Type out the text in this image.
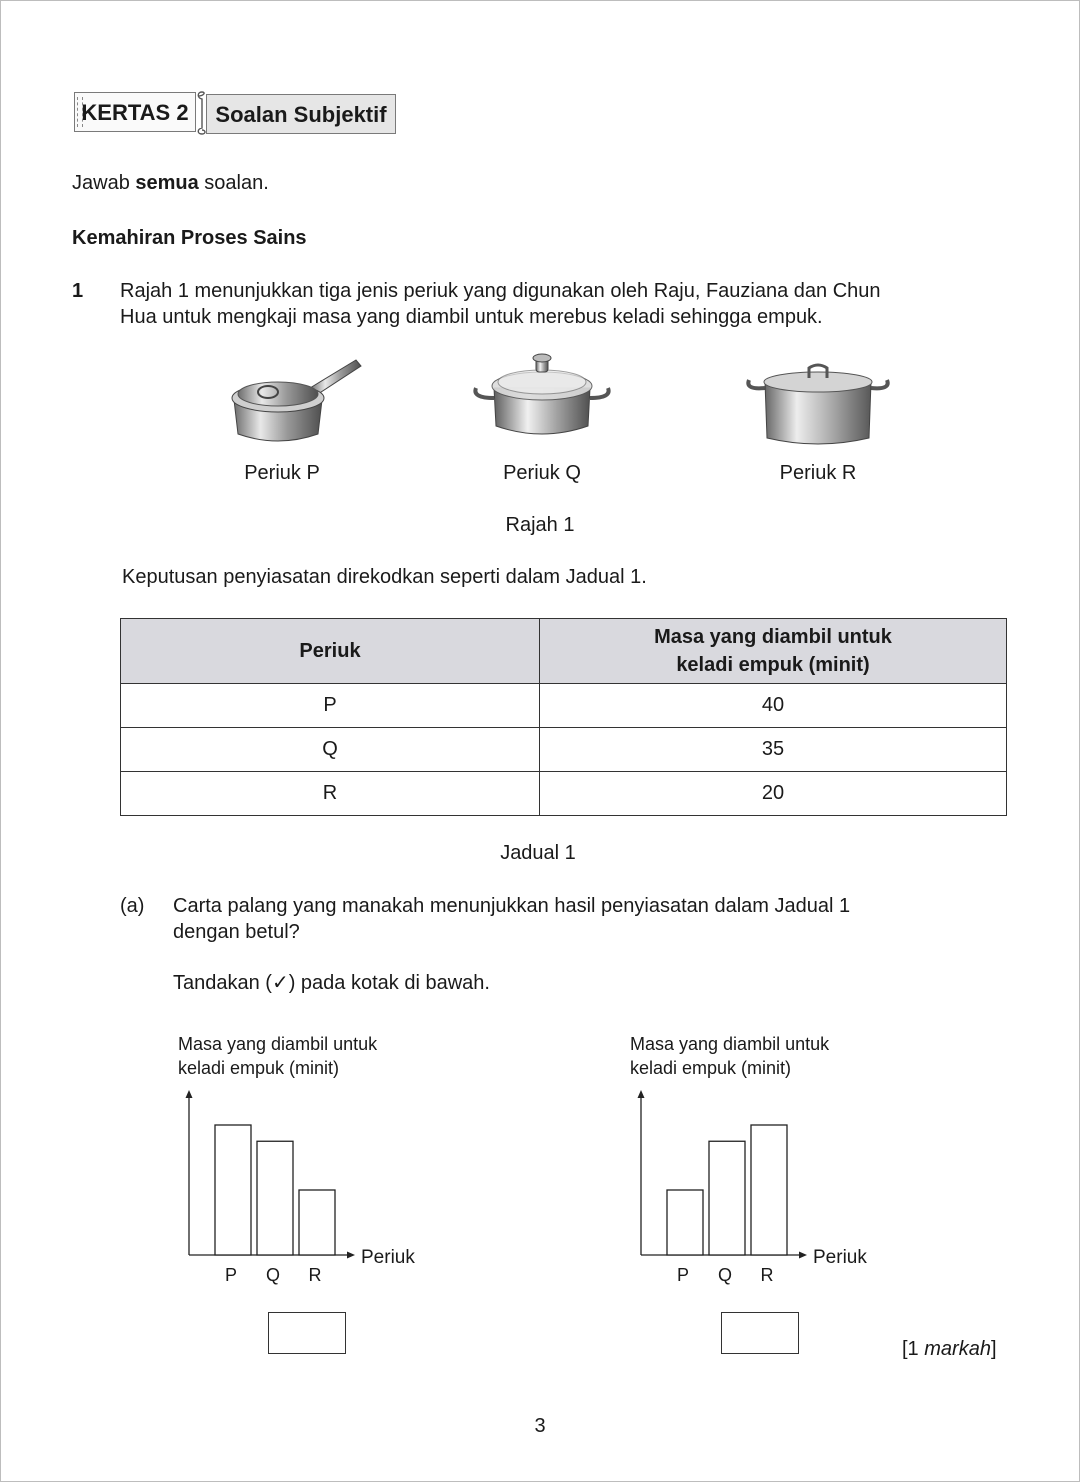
KERTAS 2	Soalan Subjektif
Jawab semua soalan.
Kemahiran Proses Sains
1 Rajah 1 menunjukkan tiga jenis periuk yang digunakan oleh Raju, Fauziana dan Chun
Hua untuk mengkaji masa yang diambil untuk merebus keladi sehingga empuk.
Periuk P	Periuk Q	Periuk R
Rajah 1
Keputusan penyiasatan direkodkan seperti dalam Jadual 1.
Periuk	Masa yang diambil untuk
keladi empuk (minit)

P	40
Q	35
R	20
Jadual 1
(a) Carta palang yang manakah menunjukkan hasil penyiasatan dalam Jadual 1
dengan betul?
Tandakan (✓) pada kotak di bawah.
Masa yang diambil untuk
keladi empuk (minit)
Periuk
P Q R
Masa yang diambil untuk
keladi empuk (minit)
Periuk
P Q R
[1 markah]
3
